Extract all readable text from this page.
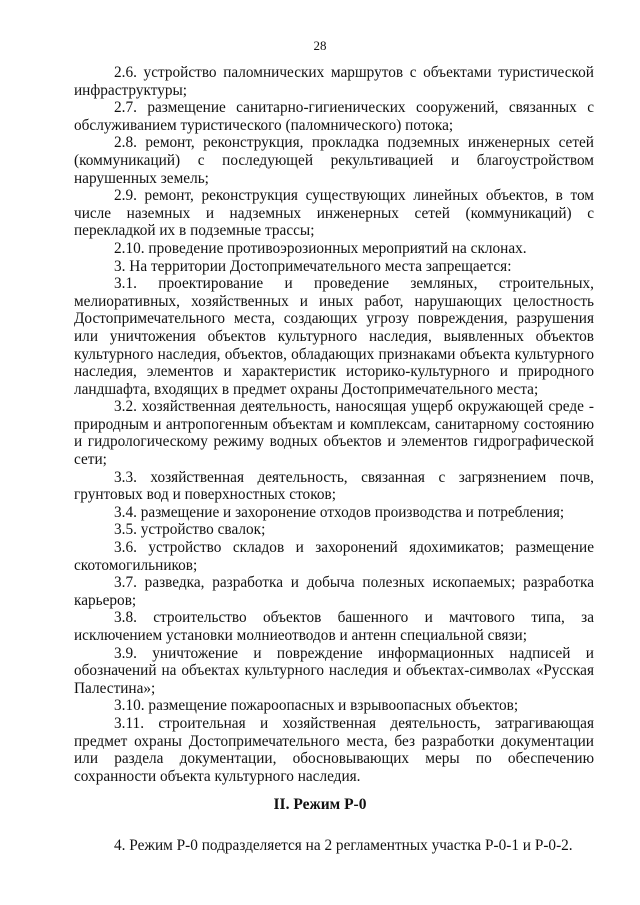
28

2.6. устройство паломнических маршрутов с объектами туристической инфраструктуры;

2.7. размещение санитарно-гигиенических сооружений, связанных с обслуживанием туристического (паломнического) потока;

2.8. ремонт, реконструкция, прокладка подземных инженерных сетей (коммуникаций) с последующей рекультивацией и благоустройством нарушенных земель;

2.9. ремонт, реконструкция существующих линейных объектов, в том числе наземных и надземных инженерных сетей (коммуникаций) с перекладкой их в подземные трассы;

2.10. проведение противоэрозионных мероприятий на склонах.

3. На территории Достопримечательного места запрещается:

3.1. проектирование и проведение земляных, строительных, мелиоративных, хозяйственных и иных работ, нарушающих целостность Достопримечательного места, создающих угрозу повреждения, разрушения или уничтожения объектов культурного наследия, выявленных объектов культурного наследия, объектов, обладающих признаками объекта культурного наследия, элементов и характеристик историко-культурного и природного ландшафта, входящих в предмет охраны Достопримечательного места;

3.2. хозяйственная деятельность, наносящая ущерб окружающей среде - природным и антропогенным объектам и комплексам, санитарному состоянию и гидрологическому режиму водных объектов и элементов гидрографической сети;

3.3. хозяйственная деятельность, связанная с загрязнением почв, грунтовых вод и поверхностных стоков;

3.4. размещение и захоронение отходов производства и потребления;

3.5. устройство свалок;

3.6. устройство складов и захоронений ядохимикатов; размещение скотомогильников;

3.7. разведка, разработка и добыча полезных ископаемых; разработка карьеров;

3.8. строительство объектов башенного и мачтового типа, за исключением установки молниеотводов и антенн специальной связи;

3.9. уничтожение и повреждение информационных надписей и обозначений на объектах культурного наследия и объектах-символах «Русская Палестина»;

3.10. размещение пожароопасных и взрывоопасных объектов;

3.11. строительная и хозяйственная деятельность, затрагивающая предмет охраны Достопримечательного места, без разработки документации или раздела документации, обосновывающих меры по обеспечению сохранности объекта культурного наследия.

II. Режим Р-0

4. Режим Р-0 подразделяется на 2 регламентных участка Р-0-1 и Р-0-2.
